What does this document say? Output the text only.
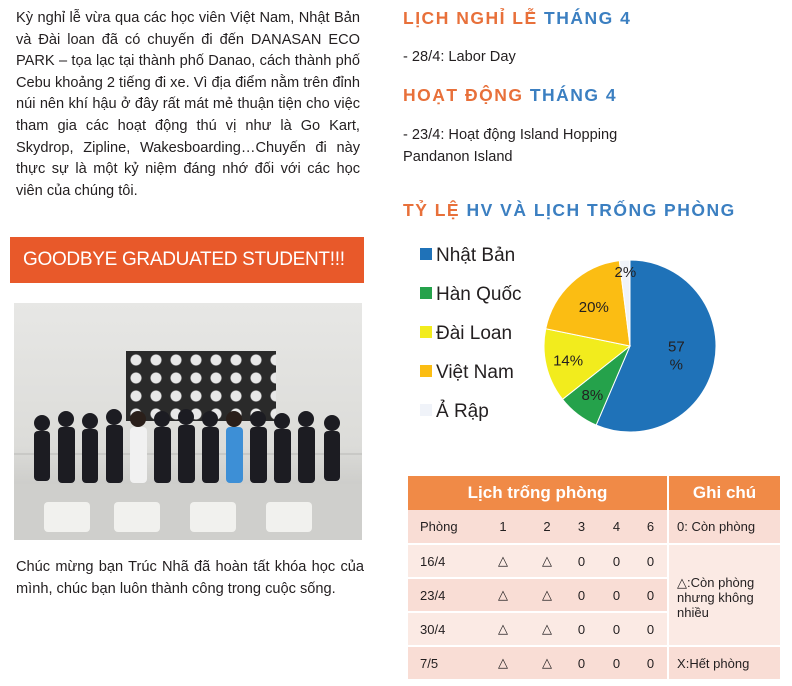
Kỳ nghỉ lễ vừa qua các học viên Việt Nam, Nhật Bản và Đài loan đã có chuyến đi đến DANASAN ECO PARK – tọa lạc tại thành phố Danao, cách thành phố Cebu khoảng 2 tiếng đi xe. Vì địa điểm nằm trên đỉnh núi nên khí hậu ở đây rất mát mẻ thuận tiện cho việc tham gia các hoạt động thú vị như là Go Kart, Skydrop, Zipline, Wakesboarding…Chuyến đi này thực sự là một kỷ niệm đáng nhớ đối với các học viên của chúng tôi.
GOODBYE GRADUATED STUDENT!!!
Chúc mừng bạn Trúc Nhã đã hoàn tất khóa học của mình, chúc bạn luôn thành công trong cuộc sống.
LỊCH NGHỈ LỄ THÁNG 4
- 28/4: Labor Day
HOẠT ĐỘNG THÁNG 4
- 23/4: Hoạt động Island Hopping
Pandanon Island
TỶ LỆ HV VÀ LỊCH TRỐNG PHÒNG
Nhật Bản
Hàn Quốc
Đài Loan
Việt Nam
Ả Rập
57 %
8%
14%
20%
2%
Lịch trống phòng						Ghi chú
Phòng	1	2	3	4	6	0: Còn phòng
16/4	△	△	0	0	0	△:Còn phòng nhưng không nhiều
23/4	△	△	0	0	0	
30/4	△	△	0	0	0	
7/5	△	△	0	0	0	X:Hết phòng
